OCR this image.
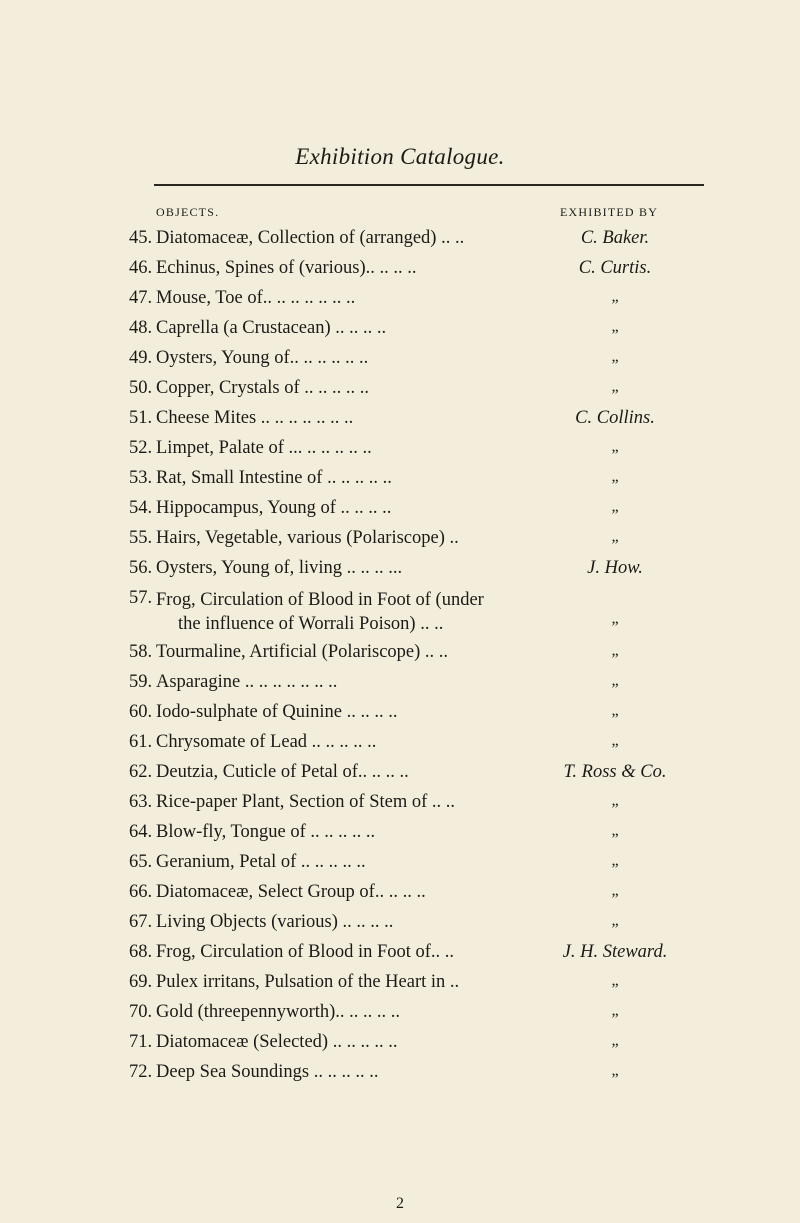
Exhibition Catalogue.
OBJECTS.	EXHIBITED BY
45. Diatomaceæ, Collection of (arranged) .. ..	C. Baker.
46. Echinus, Spines of (various).. .. .. ..	C. Curtis.
47. Mouse, Toe of.. .. .. .. .. .. ..	„
48. Caprella (a Crustacean) .. .. .. ..	„
49. Oysters, Young of.. .. .. .. .. ..	„
50. Copper, Crystals of .. .. .. .. ..	„
51. Cheese Mites .. .. .. .. .. .. ..	C. Collins.
52. Limpet, Palate of ... .. .. .. .. ..	„
53. Rat, Small Intestine of .. .. .. .. ..	„
54. Hippocampus, Young of .. .. .. ..	„
55. Hairs, Vegetable, various (Polariscope) ..	„
56. Oysters, Young of, living .. .. .. ...	J. How.
57. Frog, Circulation of Blood in Foot of (under
the influence of Worrali Poison) .. ..	„
58. Tourmaline, Artificial (Polariscope) .. ..	„
59. Asparagine .. .. .. .. .. .. ..	„
60. Iodo-sulphate of Quinine .. .. .. ..	„
61. Chrysomate of Lead .. .. .. .. ..	„
62. Deutzia, Cuticle of Petal of.. .. .. ..	T. Ross & Co.
63. Rice-paper Plant, Section of Stem of .. ..	„
64. Blow-fly, Tongue of .. .. .. .. ..	„
65. Geranium, Petal of .. .. .. .. ..	„
66. Diatomaceæ, Select Group of.. .. .. ..	„
67. Living Objects (various) .. .. .. ..	„
68. Frog, Circulation of Blood in Foot of.. ..	J. H. Steward.
69. Pulex irritans, Pulsation of the Heart in ..	„
70. Gold (threepennyworth).. .. .. .. ..	„
71. Diatomaceæ (Selected) .. .. .. .. ..	„
72. Deep Sea Soundings .. .. .. .. ..	„
2
